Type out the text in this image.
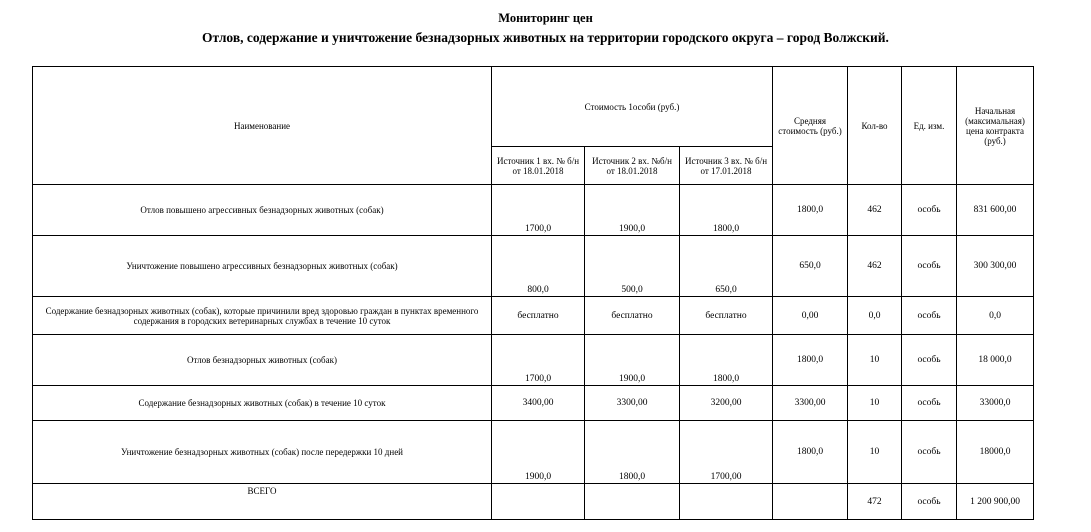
Мониторинг цен
Отлов, содержание и уничтожение безнадзорных животных на территории городского округа – город Волжский.
Наименование	Стоимость 1особи (руб.)			Средняя стоимость (руб.)	Кол-во	Ед. изм.	Начальная (максимальная) цена контракта (руб.)
	Источник 1 вх. № б/н от 18.01.2018	Источник 2 вх. №б/н от 18.01.2018	Источник 3 вх. № б/н от 17.01.2018				
Отлов повышено агрессивных безнадзорных животных (собак)	1700,0	1900,0	1800,0	1800,0	462	особь	831 600,00
Уничтожение повышено агрессивных безнадзорных животных (собак)	800,0	500,0	650,0	650,0	462	особь	300 300,00
Содержание безнадзорных животных (собак), которые причинили вред здоровью граждан в пунктах временного содержания в городских ветеринарных службах в течение 10 суток	бесплатно	бесплатно	бесплатно	0,00	0,0	особь	0,0
Отлов безнадзорных животных (собак)	1700,0	1900,0	1800,0	1800,0	10	особь	18 000,0
Содержание безнадзорных животных (собак) в течение 10 суток	3400,00	3300,00	3200,00	3300,00	10	особь	33000,0
Уничтожение безнадзорных животных (собак) после передержки 10 дней	1900,0	1800,0	1700,00	1800,0	10	особь	18000,0
ВСЕГО					472	особь	1 200 900,00
